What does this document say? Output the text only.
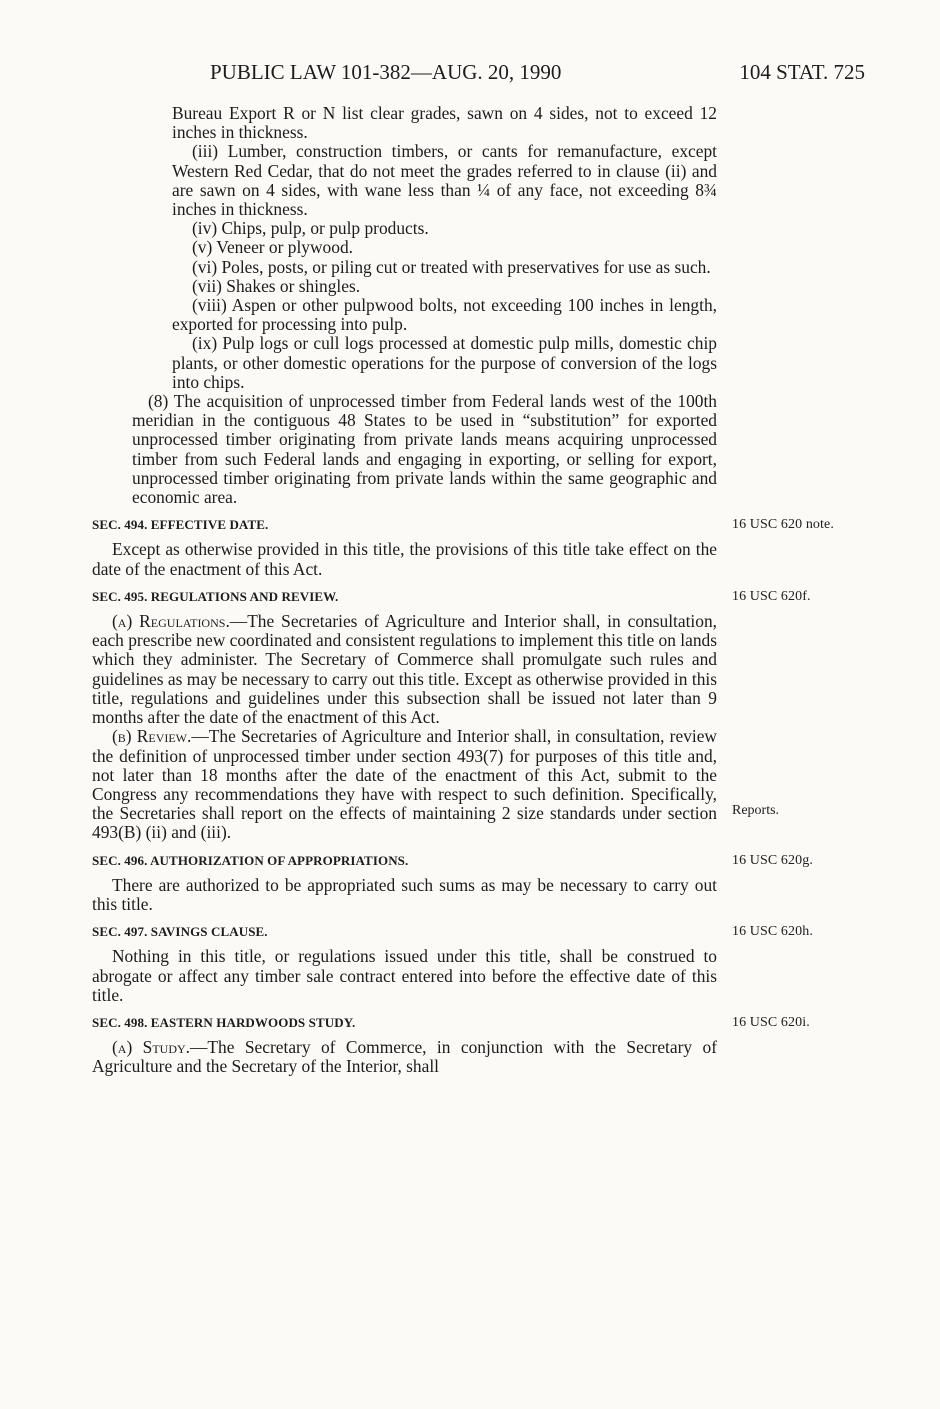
PUBLIC LAW 101-382—AUG. 20, 1990	104 STAT. 725

Bureau Export R or N list clear grades, sawn on 4 sides, not to exceed 12 inches in thickness.

(iii) Lumber, construction timbers, or cants for remanufacture, except Western Red Cedar, that do not meet the grades referred to in clause (ii) and are sawn on 4 sides, with wane less than ¼ of any face, not exceeding 8¾ inches in thickness.

(iv) Chips, pulp, or pulp products.

(v) Veneer or plywood.

(vi) Poles, posts, or piling cut or treated with preservatives for use as such.

(vii) Shakes or shingles.

(viii) Aspen or other pulpwood bolts, not exceeding 100 inches in length, exported for processing into pulp.

(ix) Pulp logs or cull logs processed at domestic pulp mills, domestic chip plants, or other domestic operations for the purpose of conversion of the logs into chips.

(8) The acquisition of unprocessed timber from Federal lands west of the 100th meridian in the contiguous 48 States to be used in “substitution” for exported unprocessed timber originating from private lands means acquiring unprocessed timber from such Federal lands and engaging in exporting, or selling for export, unprocessed timber originating from private lands within the same geographic and economic area.

SEC. 494. EFFECTIVE DATE.	16 USC 620 note.

Except as otherwise provided in this title, the provisions of this title take effect on the date of the enactment of this Act.

SEC. 495. REGULATIONS AND REVIEW.	16 USC 620f.

(a) Regulations.—The Secretaries of Agriculture and Interior shall, in consultation, each prescribe new coordinated and consistent regulations to implement this title on lands which they administer. The Secretary of Commerce shall promulgate such rules and guidelines as may be necessary to carry out this title. Except as otherwise provided in this title, regulations and guidelines under this subsection shall be issued not later than 9 months after the date of the enactment of this Act.

(b) Review.—The Secretaries of Agriculture and Interior shall, in consultation, review the definition of unprocessed timber under section 493(7) for purposes of this title and, not later than 18 months after the date of the enactment of this Act, submit to the Congress any recommendations they have with respect to such definition. Specifically, the Secretaries shall report on the effects of maintaining 2 size standards under section 493(B) (ii) and (iii).
Reports.

SEC. 496. AUTHORIZATION OF APPROPRIATIONS.	16 USC 620g.

There are authorized to be appropriated such sums as may be necessary to carry out this title.

SEC. 497. SAVINGS CLAUSE.	16 USC 620h.

Nothing in this title, or regulations issued under this title, shall be construed to abrogate or affect any timber sale contract entered into before the effective date of this title.

SEC. 498. EASTERN HARDWOODS STUDY.	16 USC 620i.

(a) Study.—The Secretary of Commerce, in conjunction with the Secretary of Agriculture and the Secretary of the Interior, shall
